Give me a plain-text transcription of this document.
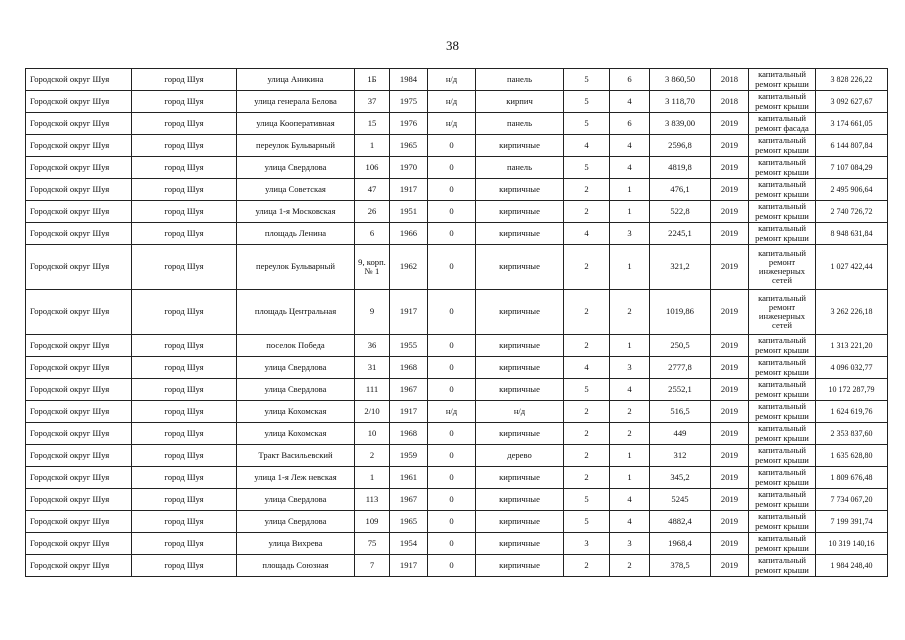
38
Городской округ Шуя	город Шуя	улица Аникина	1Б	1984	н/д	панель	5	6	3 860,50	2018	капитальный ремонт крыши	3 828 226,22
Городской округ Шуя	город Шуя	улица генерала Белова	37	1975	н/д	кирпич	5	4	3 118,70	2018	капитальный ремонт крыши	3 092 627,67
Городской округ Шуя	город Шуя	улица Кооперативная	15	1976	н/д	панель	5	6	3 839,00	2019	капитальный ремонт фасада	3 174 661,05
Городской округ Шуя	город Шуя	переулок Бульварный	1	1965	0	кирпичные	4	4	2596,8	2019	капитальный ремонт крыши	6 144 807,84
Городской округ Шуя	город Шуя	улица Свердлова	106	1970	0	панель	5	4	4819,8	2019	капитальный ремонт крыши	7 107 084,29
Городской округ Шуя	город Шуя	улица Советская	47	1917	0	кирпичные	2	1	476,1	2019	капитальный ремонт крыши	2 495 906,64
Городской округ Шуя	город Шуя	улица 1-я Московская	26	1951	0	кирпичные	2	1	522,8	2019	капитальный ремонт крыши	2 740 726,72
Городской округ Шуя	город Шуя	площадь Ленина	6	1966	0	кирпичные	4	3	2245,1	2019	капитальный ремонт крыши	8 948 631,84
Городской округ Шуя	город Шуя	переулок Бульварный	9, корп. № 1	1962	0	кирпичные	2	1	321,2	2019	капитальный ремонт инженерных сетей	1 027 422,44
Городской округ Шуя	город Шуя	площадь Центральная	9	1917	0	кирпичные	2	2	1019,86	2019	капитальный ремонт инженерных сетей	3 262 226,18
Городской округ Шуя	город Шуя	поселок Победа	36	1955	0	кирпичные	2	1	250,5	2019	капитальный ремонт крыши	1 313 221,20
Городской округ Шуя	город Шуя	улица Свердлова	31	1968	0	кирпичные	4	3	2777,8	2019	капитальный ремонт крыши	4 096 032,77
Городской округ Шуя	город Шуя	улица Свердлова	111	1967	0	кирпичные	5	4	2552,1	2019	капитальный ремонт крыши	10 172 287,79
Городской округ Шуя	город Шуя	улица Кохомская	2/10	1917	н/д	н/д	2	2	516,5	2019	капитальный ремонт крыши	1 624 619,76
Городской округ Шуя	город Шуя	улица Кохомская	10	1968	0	кирпичные	2	2	449	2019	капитальный ремонт крыши	2 353 837,60
Городской округ Шуя	город Шуя	Тракт Васильевский	2	1959	0	дерево	2	1	312	2019	капитальный ремонт крыши	1 635 628,80
Городской округ Шуя	город Шуя	улица 1-я Леж невская	1	1961	0	кирпичные	2	1	345,2	2019	капитальный ремонт крыши	1 809 676,48
Городской округ Шуя	город Шуя	улица Свердлова	113	1967	0	кирпичные	5	4	5245	2019	капитальный ремонт крыши	7 734 067,20
Городской округ Шуя	город Шуя	улица Свердлова	109	1965	0	кирпичные	5	4	4882,4	2019	капитальный ремонт крыши	7 199 391,74
Городской округ Шуя	город Шуя	улица Вихрева	75	1954	0	кирпичные	3	3	1968,4	2019	капитальный ремонт крыши	10 319 140,16
Городской округ Шуя	город Шуя	площадь Союзная	7	1917	0	кирпичные	2	2	378,5	2019	капитальный ремонт крыши	1 984 248,40
